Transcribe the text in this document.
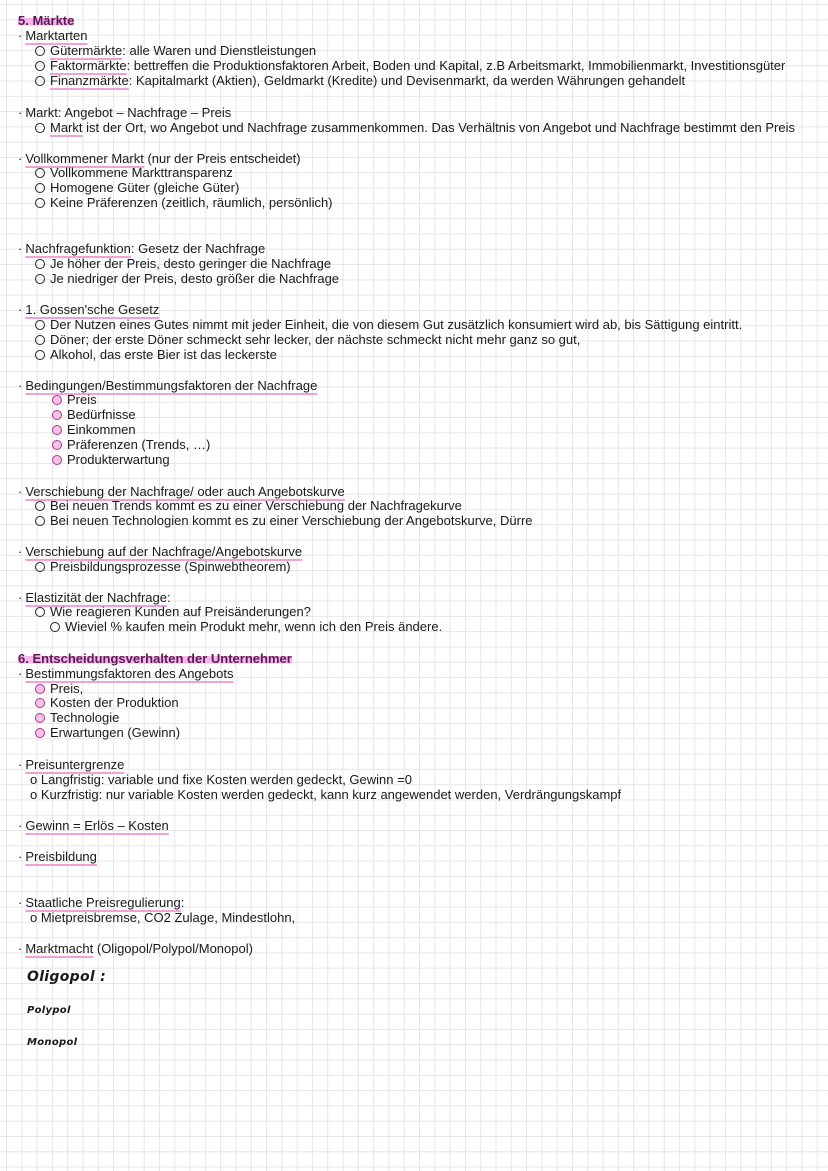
5. Märkte
· Marktarten
Gütermärkte: alle Waren und Dienstleistungen
Faktormärkte: bettreffen die Produktionsfaktoren Arbeit, Boden und Kapital, z.B Arbeitsmarkt, Immobilienmarkt, Investitionsgüter
Finanzmärkte: Kapitalmarkt (Aktien), Geldmarkt (Kredite) und Devisenmarkt, da werden Währungen gehandelt
· Markt: Angebot – Nachfrage – Preis
Markt ist der Ort, wo Angebot und Nachfrage zusammenkommen. Das Verhältnis von Angebot und Nachfrage bestimmt den Preis
· Vollkommener Markt (nur der Preis entscheidet)
Vollkommene Markttransparenz
Homogene Güter (gleiche Güter)
Keine Präferenzen (zeitlich, räumlich, persönlich)
· Nachfragefunktion: Gesetz der Nachfrage
Je höher der Preis, desto geringer die Nachfrage
Je niedriger der Preis, desto größer die Nachfrage
· 1. Gossen'sche Gesetz
Der Nutzen eines Gutes nimmt mit jeder Einheit, die von diesem Gut zusätzlich konsumiert wird ab, bis Sättigung eintritt.
Döner; der erste Döner schmeckt sehr lecker, der nächste schmeckt nicht mehr ganz so gut,
Alkohol, das erste Bier ist das leckerste
· Bedingungen/Bestimmungsfaktoren der Nachfrage
Preis
Bedürfnisse
Einkommen
Präferenzen (Trends, …)
Produkterwartung
· Verschiebung der Nachfrage/ oder auch Angebotskurve
Bei neuen Trends kommt es zu einer Verschiebung der Nachfragekurve
Bei neuen Technologien kommt es zu einer Verschiebung der Angebotskurve, Dürre
· Verschiebung auf der Nachfrage/Angebotskurve
Preisbildungsprozesse (Spinwebtheorem)
· Elastizität der Nachfrage:
Wie reagieren Kunden auf Preisänderungen?
Wieviel % kaufen mein Produkt mehr, wenn ich den Preis ändere.
6. Entscheidungsverhalten der Unternehmer
· Bestimmungsfaktoren des Angebots
Preis,
Kosten der Produktion
Technologie
Erwartungen (Gewinn)
· Preisuntergrenze
o Langfristig: variable und fixe Kosten werden gedeckt, Gewinn =0
o Kurzfristig: nur variable Kosten werden gedeckt, kann kurz angewendet werden, Verdrängungskampf
· Gewinn = Erlös – Kosten
· Preisbildung
· Staatliche Preisregulierung:
o Mietpreisbremse, CO2 Zulage, Mindestlohn,
· Marktmacht (Oligopol/Polypol/Monopol)
Oligopol :
Polypol
Monopol
